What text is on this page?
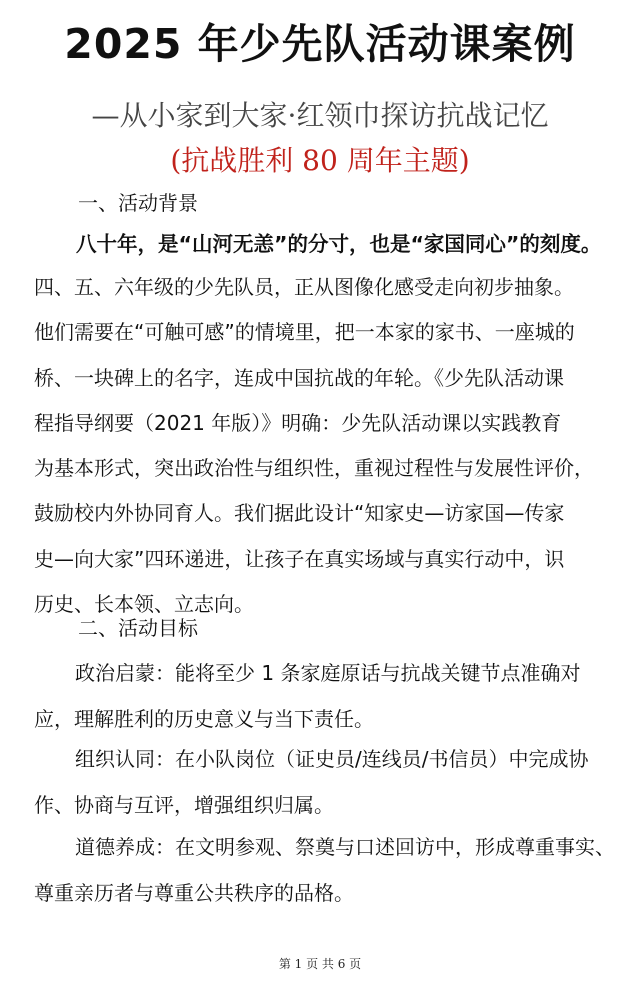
2025 年少先队活动课案例
—从小家到大家·红领巾探访抗战记忆
(抗战胜利 80 周年主题)
一、活动背景
八十年，是“山河无恙”的分寸，也是“家国同心”的刻度。

四、五、六年级的少先队员，正从图像化感受走向初步抽象。
他们需要在“可触可感”的情境里，把一本家的家书、一座城的
桥、一块碑上的名字，连成中国抗战的年轮。《少先队活动课
程指导纲要（2021 年版）》明确：少先队活动课以实践教育
为基本形式，突出政治性与组织性，重视过程性与发展性评价，
鼓励校内外协同育人。我们据此设计“知家史—访家国—传家
史—向大家”四环递进，让孩子在真实场域与真实行动中，识
历史、长本领、立志向。

二、活动目标

政治启蒙：能将至少 1 条家庭原话与抗战关键节点准确对应，理解胜利的历史意义与当下责任。

组织认同：在小队岗位（证史员/连线员/书信员）中完成协作、协商与互评，增强组织归属。

道德养成：在文明参观、祭奠与口述回访中，形成尊重事实、尊重亲历者与尊重公共秩序的品格。

第 1 页 共 6 页
